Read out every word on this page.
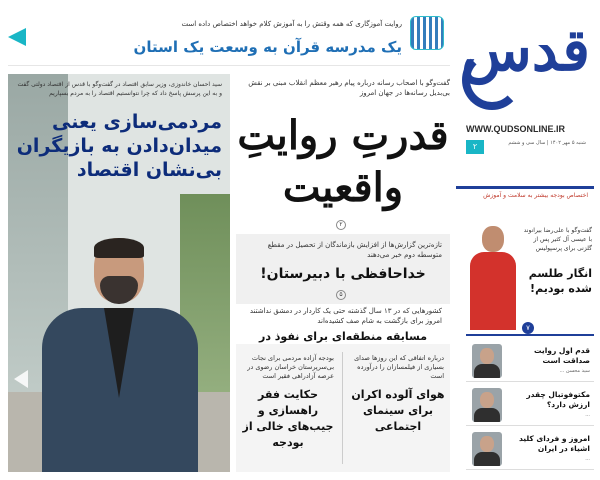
روایت آموزگاری که همه وقتش را به آموزش کلام خواهد اختصاص داده است
یک مدرسه قرآن به وسعت یک استان قدس
WWW.QUDSONLINE.IR
۲	شنبه ۵ مهر ۱۴۰۲ | سال سی و ششم
اختصاص بودجه بیشتر به سلامت و آموزش
سید احسان خاندوزی، وزیر سابق اقتصاد در گفت‌وگو با قدس از اقتصاد دولتی گفت و به این پرسش پاسخ داد که چرا نتوانستیم اقتصاد را به مردم بسپاریم
مردمی‌سازی یعنی میدان‌دادن به بازیگران بی‌نشان اقتصاد
گفت‌وگو با اصحاب رسانه درباره پیام رهبر معظم انقلاب مبنی بر نقش بی‌بدیل رسانه‌ها در جهان امروز
قدرتِ روایتِ واقعیت
۲
تازه‌ترین گزارش‌ها از افزایش بازماندگان از تحصیل در مقطع متوسطه دوم خبر می‌دهند
خداحافظی با دبیرستان!
۵
کشورهایی که در ۱۳ سال گذشته حتی یک کاردار در دمشق نداشتند امروز برای بازگشت به شام صف کشیده‌اند
مسابقه منطقه‌ای برای نفوذ در
درباره اتفاقی که این روزها صدای بسیاری از فیلمسازان را درآورده است
هوای آلوده اکران برای سینمای اجتماعی
بودجه آزاده مردمی برای نجات بی‌سرپرستان خراسان رضوی در عرصه آزادراهی فقیر است
حکایت فقر راهسازی و جیب‌های خالی از بودجه
گفت‌وگو با علی‌رضا بیرانوند با عیسی آل کثیر پس از گلزنی برای پرسپولیس
انگار طلسم شده بودیم!
۷
قدم اول روایت صداقت است
سید محسن ...
مکتوفوتبال چقدر ارزش دارد؟
...
امروز و فردای کلید اشیاء در ایران
...
